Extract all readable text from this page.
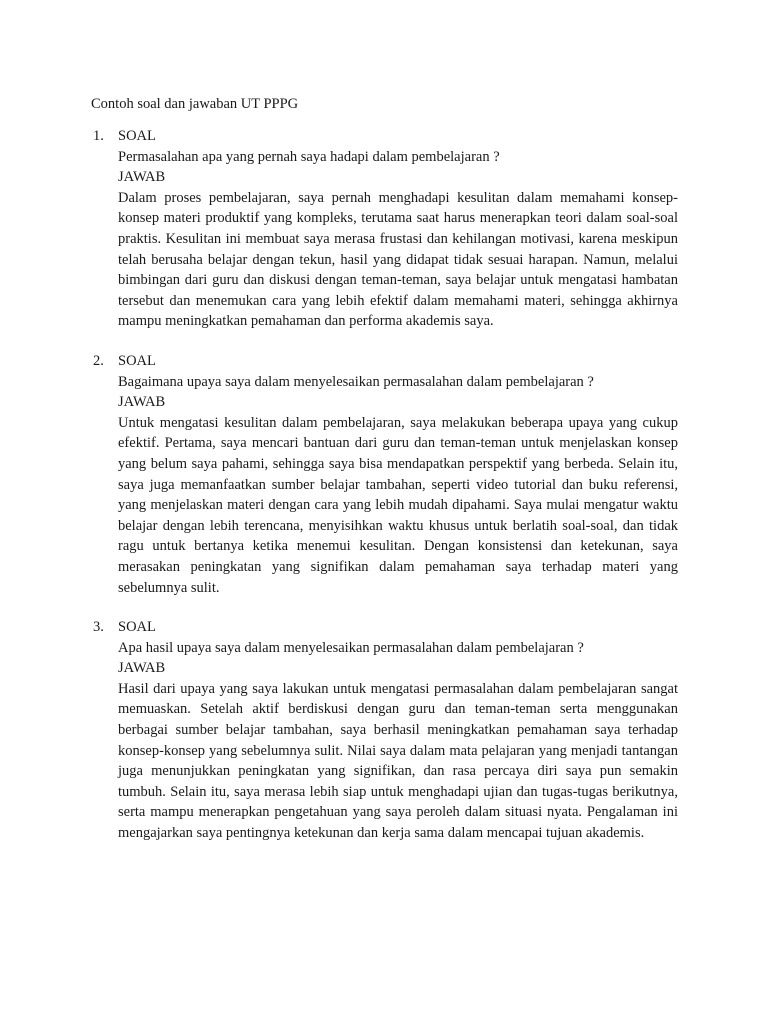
Contoh soal dan jawaban UT PPPG
1. SOAL
Permasalahan apa yang pernah saya hadapi dalam pembelajaran ?
JAWAB
Dalam proses pembelajaran, saya pernah menghadapi kesulitan dalam memahami konsep-konsep materi produktif yang kompleks, terutama saat harus menerapkan teori dalam soal-soal praktis. Kesulitan ini membuat saya merasa frustasi dan kehilangan motivasi, karena meskipun telah berusaha belajar dengan tekun, hasil yang didapat tidak sesuai harapan. Namun, melalui bimbingan dari guru dan diskusi dengan teman-teman, saya belajar untuk mengatasi hambatan tersebut dan menemukan cara yang lebih efektif dalam memahami materi, sehingga akhirnya mampu meningkatkan pemahaman dan performa akademis saya.
2. SOAL
Bagaimana upaya saya dalam menyelesaikan permasalahan dalam pembelajaran ?
JAWAB
Untuk mengatasi kesulitan dalam pembelajaran, saya melakukan beberapa upaya yang cukup efektif. Pertama, saya mencari bantuan dari guru dan teman-teman untuk menjelaskan konsep yang belum saya pahami, sehingga saya bisa mendapatkan perspektif yang berbeda. Selain itu, saya juga memanfaatkan sumber belajar tambahan, seperti video tutorial dan buku referensi, yang menjelaskan materi dengan cara yang lebih mudah dipahami. Saya mulai mengatur waktu belajar dengan lebih terencana, menyisihkan waktu khusus untuk berlatih soal-soal, dan tidak ragu untuk bertanya ketika menemui kesulitan. Dengan konsistensi dan ketekunan, saya merasakan peningkatan yang signifikan dalam pemahaman saya terhadap materi yang sebelumnya sulit.
3. SOAL
Apa hasil upaya saya dalam menyelesaikan permasalahan dalam pembelajaran ?
JAWAB
Hasil dari upaya yang saya lakukan untuk mengatasi permasalahan dalam pembelajaran sangat memuaskan. Setelah aktif berdiskusi dengan guru dan teman-teman serta menggunakan berbagai sumber belajar tambahan, saya berhasil meningkatkan pemahaman saya terhadap konsep-konsep yang sebelumnya sulit. Nilai saya dalam mata pelajaran yang menjadi tantangan juga menunjukkan peningkatan yang signifikan, dan rasa percaya diri saya pun semakin tumbuh. Selain itu, saya merasa lebih siap untuk menghadapi ujian dan tugas-tugas berikutnya, serta mampu menerapkan pengetahuan yang saya peroleh dalam situasi nyata. Pengalaman ini mengajarkan saya pentingnya ketekunan dan kerja sama dalam mencapai tujuan akademis.
